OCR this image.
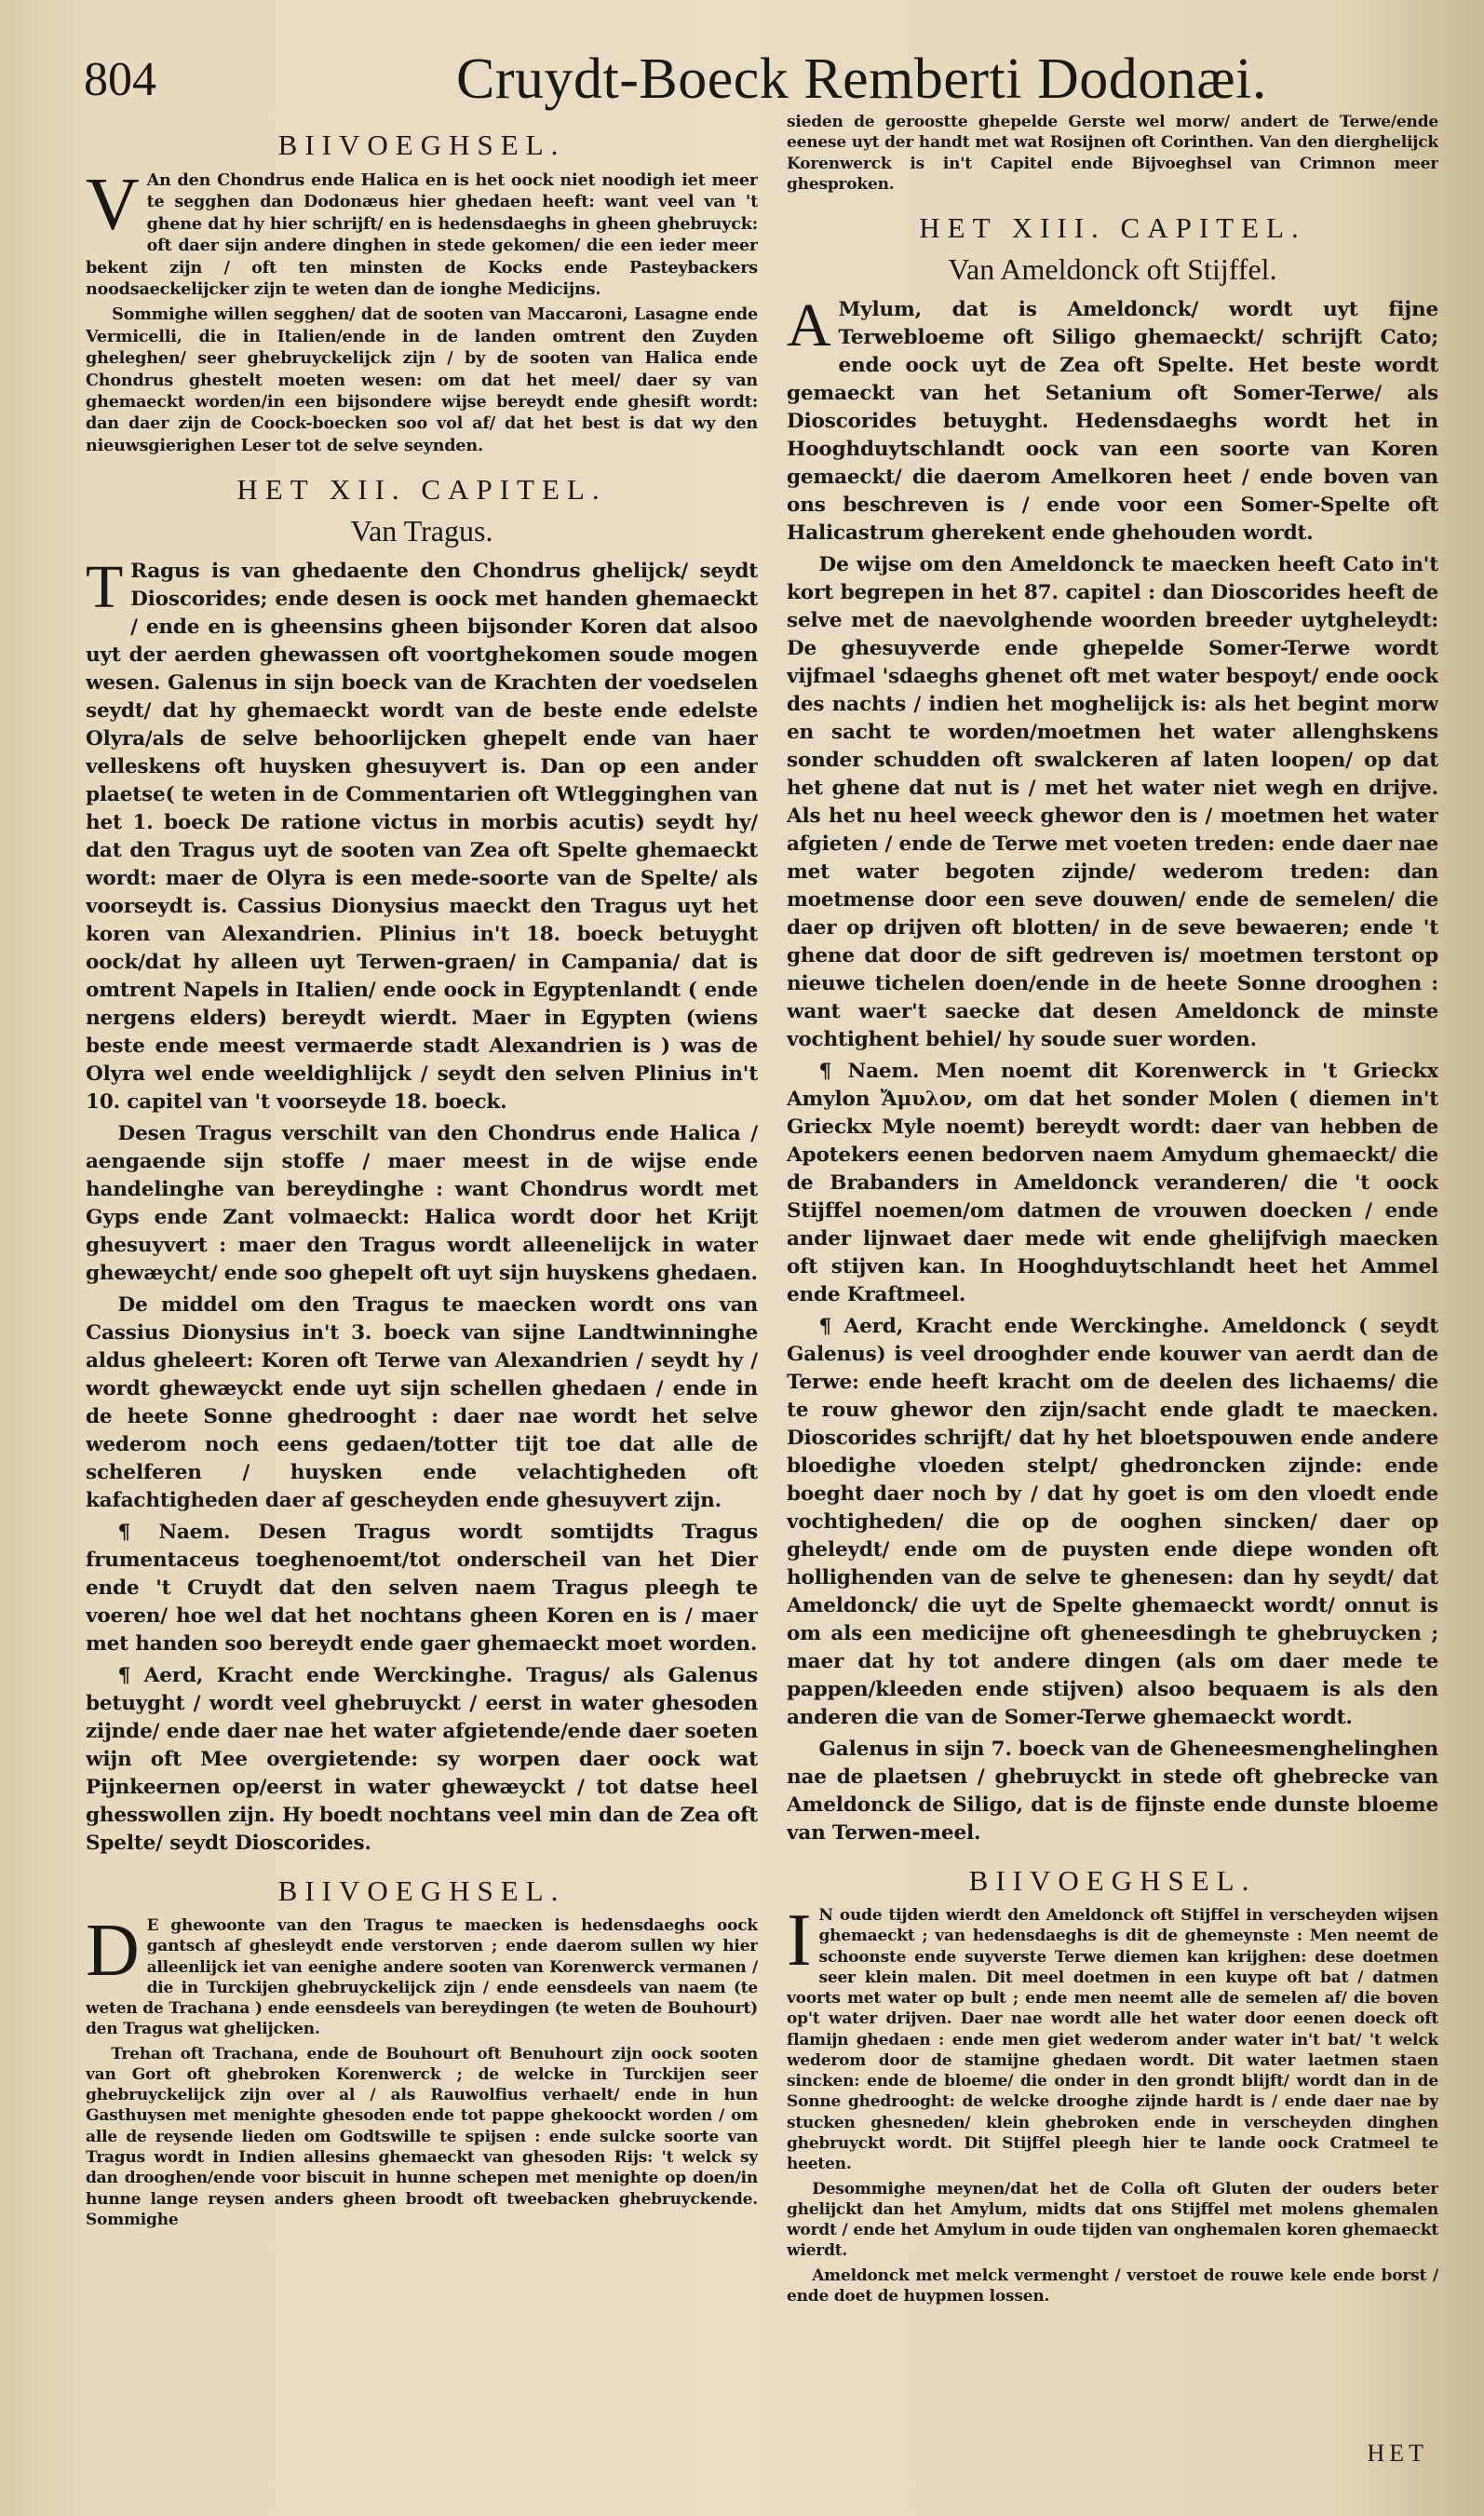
804	Cruydt-Boeck Remberti Dodonæi.
BIIVOEGHSEL.

V An den Chondrus ende Halica en is het oock niet noodigh iet meer te segghen dan Dodonæus hier ghedaen heeft: want veel van 't ghene dat hy hier schrijft/ en is hedensdaeghs in gheen ghebruyck: oft daer sijn andere dinghen in stede gekomen/ die een ieder meer bekent zijn / oft ten minsten de Kocks ende Pasteybackers noodsaeckelijcker zijn te weten dan de ionghe Medicijns.

Sommighe willen segghen/ dat de sooten van Maccaroni, Lasagne ende Vermicelli, die in Italien/ende in de landen omtrent den Zuyden gheleghen/ seer ghebruyckelijck zijn / by de sooten van Halica ende Chondrus ghestelt moeten wesen: om dat het meel/ daer sy van ghemaeckt worden/in een bijsondere wijse bereydt ende ghesift wordt: dan daer zijn de Coock-boecken soo vol af/ dat het best is dat wy den nieuwsgierighen Leser tot de selve seynden.

HET XII. CAPITEL.
Van Tragus.

T Ragus is van ghedaente den Chondrus ghelijck/ seydt Dioscorides; ende desen is oock met handen ghemaeckt / ende en is gheensins gheen bijsonder Koren dat alsoo uyt der aerden ghewassen oft voortghekomen soude mogen wesen. Galenus in sijn boeck van de Krachten der voedselen seydt/ dat hy ghemaeckt wordt van de beste ende edelste Olyra/als de selve behoorlijcken ghepelt ende van haer velleskens oft huysken ghesuyvert is. Dan op een ander plaetse( te weten in de Commentarien oft Wtlegginghen van het 1. boeck De ratione victus in morbis acutis) seydt hy/ dat den Tragus uyt de sooten van Zea oft Spelte ghemaeckt wordt: maer de Olyra is een mede-soorte van de Spelte/ als voorseydt is. Cassius Dionysius maeckt den Tragus uyt het koren van Alexandrien. Plinius in't 18. boeck betuyght oock/dat hy alleen uyt Terwen-graen/ in Campania/ dat is omtrent Napels in Italien/ ende oock in Egyptenlandt ( ende nergens elders) bereydt wierdt. Maer in Egypten (wiens beste ende meest vermaerde stadt Alexandrien is ) was de Olyra wel ende weeldighlijck / seydt den selven Plinius in't 10. capitel van 't voorseyde 18. boeck.

Desen Tragus verschilt van den Chondrus ende Halica / aengaende sijn stoffe / maer meest in de wijse ende handelinghe van bereydinghe : want Chondrus wordt met Gyps ende Zant volmaeckt: Halica wordt door het Krijt ghesuyvert : maer den Tragus wordt alleenelijck in water ghewæycht/ ende soo ghepelt oft uyt sijn huyskens ghedaen.

De middel om den Tragus te maecken wordt ons van Cassius Dionysius in't 3. boeck van sijne Landtwinninghe aldus gheleert: Koren oft Terwe van Alexandrien / seydt hy / wordt ghewæyckt ende uyt sijn schellen ghedaen / ende in de heete Sonne ghedrooght : daer nae wordt het selve wederom noch eens gedaen/totter tijt toe dat alle de schelferen / huysken ende velachtigheden oft kafachtigheden daer af gescheyden ende ghesuyvert zijn.

¶ Naem. Desen Tragus wordt somtijdts Tragus frumentaceus toeghenoemt/tot onderscheil van het Dier ende 't Cruydt dat den selven naem Tragus pleegh te voeren/ hoe wel dat het nochtans gheen Koren en is / maer met handen soo bereydt ende gaer ghemaeckt moet worden.

¶ Aerd, Kracht ende Werckinghe. Tragus/ als Galenus betuyght / wordt veel ghebruyckt / eerst in water ghesoden zijnde/ ende daer nae het water afgietende/ende daer soeten wijn oft Mee overgietende: sy worpen daer oock wat Pijnkeernen op/eerst in water ghewæyckt / tot datse heel ghesswollen zijn. Hy boedt nochtans veel min dan de Zea oft Spelte/ seydt Dioscorides.

BIIVOEGHSEL.

D E ghewoonte van den Tragus te maecken is hedensdaeghs oock gantsch af ghesleydt ende verstorven ; ende daerom sullen wy hier alleenlijck iet van eenighe andere sooten van Korenwerck vermanen / die in Turckijen ghebruyckelijck zijn / ende eensdeels van naem (te weten de Trachana ) ende eensdeels van bereydingen (te weten de Bouhourt) den Tragus wat ghelijcken.

Trehan oft Trachana, ende de Bouhourt oft Benuhourt zijn oock sooten van Gort oft ghebroken Korenwerck ; de welcke in Turckijen seer ghebruyckelijck zijn over al / als Rauwolfius verhaelt/ ende in hun Gasthuysen met menighte ghesoden ende tot pappe ghekoockt worden / om alle de reysende lieden om Godtswille te spijsen : ende sulcke soorte van Tragus wordt in Indien allesins ghemaeckt van ghesoden Rijs: 't welck sy dan drooghen/ende voor biscuit in hunne schepen met menighte op doen/in hunne lange reysen anders gheen broodt oft tweebacken ghebruyckende. Sommighe

sieden de geroostte ghepelde Gerste wel morw/ andert de Terwe/ende eenese uyt der handt met wat Rosijnen oft Corinthen. Van den dierghelijck Korenwerck is in't Capitel ende Bijvoeghsel van Crimnon meer ghesproken.

HET XIII. CAPITEL.
Van Ameldonck oft Stijffel.

A Mylum, dat is Ameldonck/ wordt uyt fijne Terwebloeme oft Siligo ghemaeckt/ schrijft Cato; ende oock uyt de Zea oft Spelte. Het beste wordt gemaeckt van het Setanium oft Somer-Terwe/ als Dioscorides betuyght. Hedensdaeghs wordt het in Hooghduytschlandt oock van een soorte van Koren gemaeckt/ die daerom Amelkoren heet / ende boven van ons beschreven is / ende voor een Somer-Spelte oft Halicastrum gherekent ende ghehouden wordt.

De wijse om den Ameldonck te maecken heeft Cato in't kort begrepen in het 87. capitel : dan Dioscorides heeft de selve met de naevolghende woorden breeder uytgheleydt: De ghesuyverde ende ghepelde Somer-Terwe wordt vijfmael 'sdaeghs ghenet oft met water bespoyt/ ende oock des nachts / indien het moghelijck is: als het begint morw en sacht te worden/moetmen het water allenghskens sonder schudden oft swalckeren af laten loopen/ op dat het ghene dat nut is / met het water niet wegh en drijve. Als het nu heel weeck ghewor den is / moetmen het water afgieten / ende de Terwe met voeten treden: ende daer nae met water begoten zijnde/ wederom treden: dan moetmense door een seve douwen/ ende de semelen/ die daer op drijven oft blotten/ in de seve bewaeren; ende 't ghene dat door de sift gedreven is/ moetmen terstont op nieuwe tichelen doen/ende in de heete Sonne drooghen : want waer't saecke dat desen Ameldonck de minste vochtighent behiel/ hy soude suer worden.

¶ Naem. Men noemt dit Korenwerck in 't Grieckx Amylon Ἄμυλον, om dat het sonder Molen ( diemen in't Grieckx Myle noemt) bereydt wordt: daer van hebben de Apotekers eenen bedorven naem Amydum ghemaeckt/ die de Brabanders in Ameldonck veranderen/ die 't oock Stijffel noemen/om datmen de vrouwen doecken / ende ander lijnwaet daer mede wit ende ghelijfvigh maecken oft stijven kan. In Hooghduytschlandt heet het Ammel ende Kraftmeel.

¶ Aerd, Kracht ende Werckinghe. Ameldonck ( seydt Galenus) is veel drooghder ende kouwer van aerdt dan de Terwe: ende heeft kracht om de deelen des lichaems/ die te rouw ghewor den zijn/sacht ende gladt te maecken. Dioscorides schrijft/ dat hy het bloetspouwen ende andere bloedighe vloeden stelpt/ ghedroncken zijnde: ende boeght daer noch by / dat hy goet is om den vloedt ende vochtigheden/ die op de ooghen sincken/ daer op gheleydt/ ende om de puysten ende diepe wonden oft hollighenden van de selve te ghenesen: dan hy seydt/ dat Ameldonck/ die uyt de Spelte ghemaeckt wordt/ onnut is om als een medicijne oft gheneesdingh te ghebruycken ; maer dat hy tot andere dingen (als om daer mede te pappen/kleeden ende stijven) alsoo bequaem is als den anderen die van de Somer-Terwe ghemaeckt wordt.

Galenus in sijn 7. boeck van de Gheneesmenghelinghen nae de plaetsen / ghebruyckt in stede oft ghebrecke van Ameldonck de Siligo, dat is de fijnste ende dunste bloeme van Terwen-meel.

BIIVOEGHSEL.

I N oude tijden wierdt den Ameldonck oft Stijffel in verscheyden wijsen ghemaeckt ; van hedensdaeghs is dit de ghemeynste : Men neemt de schoonste ende suyverste Terwe diemen kan krijghen: dese doetmen seer klein malen. Dit meel doetmen in een kuype oft bat / datmen voorts met water op bult ; ende men neemt alle de semelen af/ die boven op't water drijven. Daer nae wordt alle het water door eenen doeck oft flamijn ghedaen : ende men giet wederom ander water in't bat/ 't welck wederom door de stamijne ghedaen wordt. Dit water laetmen staen sincken: ende de bloeme/ die onder in den grondt blijft/ wordt dan in de Sonne ghedrooght: de welcke drooghe zijnde hardt is / ende daer nae by stucken ghesneden/ klein ghebroken ende in verscheyden dinghen ghebruyckt wordt. Dit Stijffel pleegh hier te lande oock Cratmeel te heeten.

Desommighe meynen/dat het de Colla oft Gluten der ouders beter ghelijckt dan het Amylum, midts dat ons Stijffel met molens ghemalen wordt / ende het Amylum in oude tijden van onghemalen koren ghemaeckt wierdt.

Ameldonck met melck vermenght / verstoet de rouwe kele ende borst / ende doet de huypmen lossen.

HET
